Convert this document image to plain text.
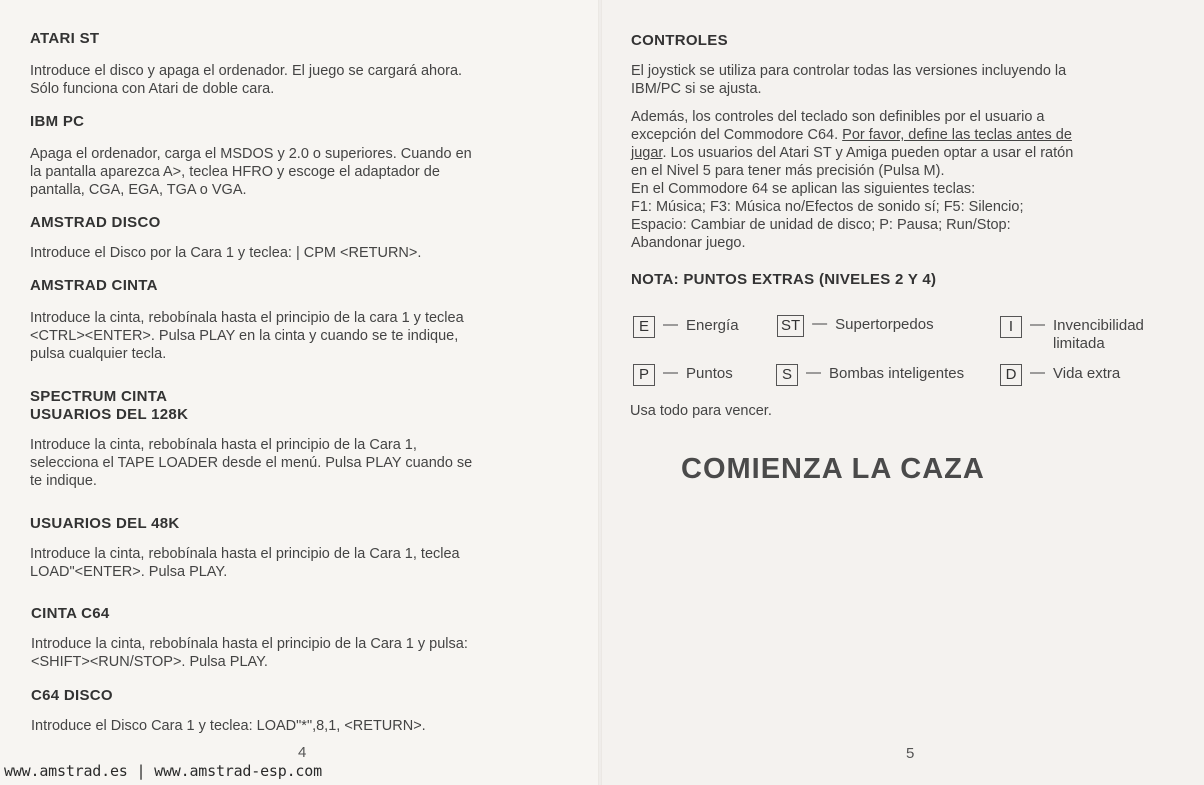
ATARI ST
Introduce el disco y apaga el ordenador. El juego se cargará ahora.
Sólo funciona con Atari de doble cara.
IBM PC
Apaga el ordenador, carga el MSDOS y 2.0 o superiores. Cuando en
la pantalla aparezca A>, teclea HFRO y escoge el adaptador de
pantalla, CGA, EGA, TGA o VGA.
AMSTRAD DISCO
Introduce el Disco por la Cara 1 y teclea: | CPM <RETURN>.
AMSTRAD CINTA
Introduce la cinta, rebobínala hasta el principio de la cara 1 y teclea
<CTRL><ENTER>. Pulsa PLAY en la cinta y cuando se te indique,
pulsa cualquier tecla.
SPECTRUM CINTA
USUARIOS DEL 128K
Introduce la cinta, rebobínala hasta el principio de la Cara 1,
selecciona el TAPE LOADER desde el menú. Pulsa PLAY cuando se
te indique.
USUARIOS DEL 48K
Introduce la cinta, rebobínala hasta el principio de la Cara 1, teclea
LOAD"<ENTER>. Pulsa PLAY.
CINTA C64
Introduce la cinta, rebobínala hasta el principio de la Cara 1 y pulsa:
<SHIFT><RUN/STOP>. Pulsa PLAY.
C64 DISCO
Introduce el Disco Cara 1 y teclea: LOAD"*",8,1, <RETURN>.
4
CONTROLES
El joystick se utiliza para controlar todas las versiones incluyendo la
IBM/PC si se ajusta.
Además, los controles del teclado son definibles por el usuario a
excepción del Commodore C64. Por favor, define las teclas antes de
jugar. Los usuarios del Atari ST y Amiga pueden optar a usar el ratón
en el Nivel 5 para tener más precisión (Pulsa M).
En el Commodore 64 se aplican las siguientes teclas:
F1: Música; F3: Música no/Efectos de sonido sí; F5: Silencio;
Espacio: Cambiar de unidad de disco; P: Pausa; Run/Stop:
Abandonar juego.
NOTA: PUNTOS EXTRAS (NIVELES 2 Y 4)
E — Energía	ST — Supertorpedos	I	— Invencibilidad
limitada
P — Puntos	S — Bombas inteligentes	D — Vida extra
Usa todo para vencer.
5
COMIENZA LA CAZA
www.amstrad.es | www.amstrad-esp.com
